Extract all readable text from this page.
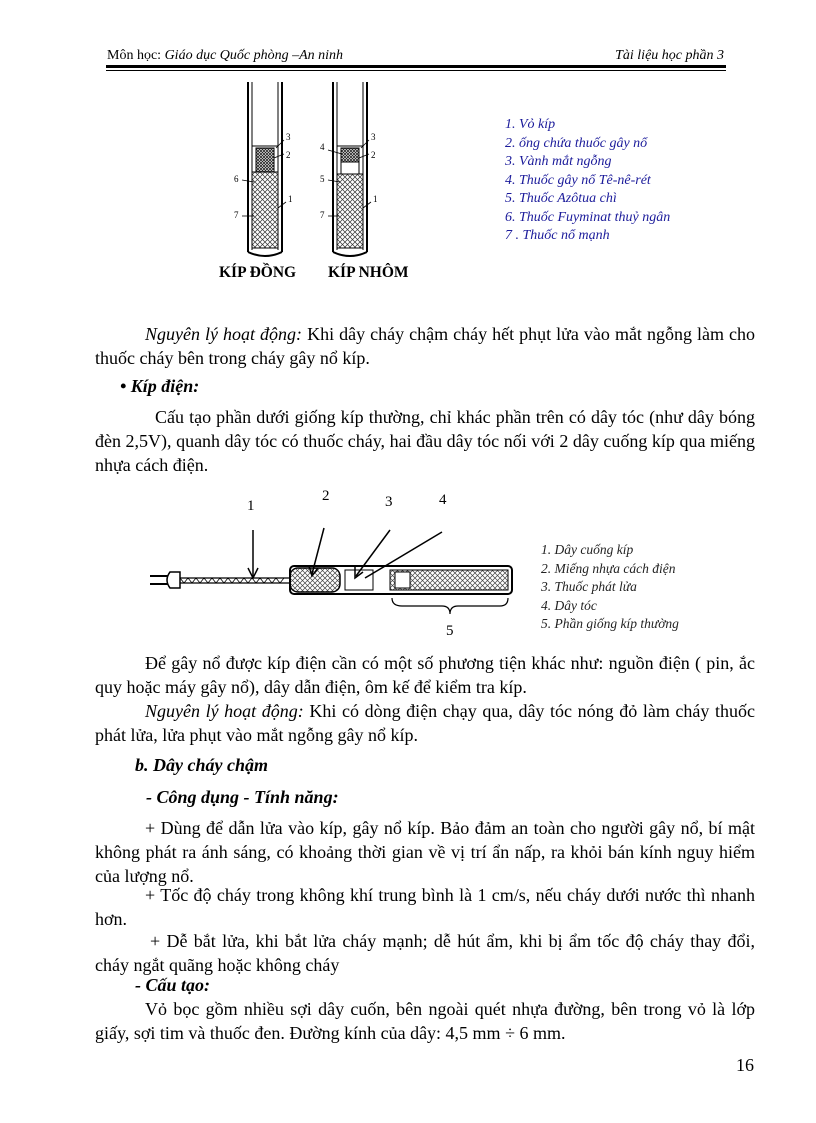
Môn học: Giáo dục Quốc phòng –An ninh	Tài liệu học phần 3
3
2
6
7
1
4
3
2
5
7
1
KÍP ĐỒNG KÍP NHÔM
1. Vỏ kíp
2. ống chứa thuốc gây nổ
3. Vành mắt ngỗng
4. Thuốc gây nổ Tê-nê-rét
5. Thuốc Azôtua chì
6. Thuốc Fuyminat thuỷ ngân
7 . Thuốc nổ mạnh
Nguyên lý hoạt động: Khi dây cháy chậm cháy hết phụt lửa vào mắt ngỗng làm cho thuốc cháy bên trong cháy gây nổ kíp.
• Kíp điện:
Cấu tạo phần dưới giống kíp thường, chỉ khác phần trên có dây tóc (như dây bóng đèn 2,5V), quanh dây tóc có thuốc cháy, hai đầu dây tóc nối với 2 dây cuống kíp qua miếng nhựa cách điện.
1
2	3	4
5
1. Dây cuống kíp
2. Miếng nhựa cách điện
3. Thuốc phát lửa
4. Dây tóc
5. Phần giống kíp thường
Để gây nổ được kíp điện cần có một số phương tiện khác như: nguồn điện ( pin, ắc quy hoặc máy gây nổ), dây dẫn điện, ôm kế để kiểm tra kíp.
Nguyên lý hoạt động: Khi có dòng điện chạy qua, dây tóc nóng đỏ làm cháy thuốc phát lửa, lửa phụt vào mắt ngỗng gây nổ kíp.
b. Dây cháy chậm
- Công dụng - Tính năng:
+ Dùng để dẫn lửa vào kíp, gây nổ kíp. Bảo đảm an toàn cho người gây nổ, bí mật không phát ra ánh sáng, có khoảng thời gian về vị trí ẩn nấp, ra khỏi bán kính nguy hiểm của lượng nổ.
+ Tốc độ cháy trong không khí trung bình là 1 cm/s, nếu cháy dưới nước thì nhanh hơn.
+ Dễ bắt lửa, khi bắt lửa cháy mạnh; dễ hút ẩm, khi bị ẩm tốc độ cháy thay đổi, cháy ngắt quãng hoặc không cháy
- Cấu tạo:
Vỏ bọc gồm nhiều sợi dây cuốn, bên ngoài quét nhựa đường, bên trong vỏ là lớp giấy, sợi tim và thuốc đen. Đường kính của dây: 4,5 mm ÷ 6 mm.
16
